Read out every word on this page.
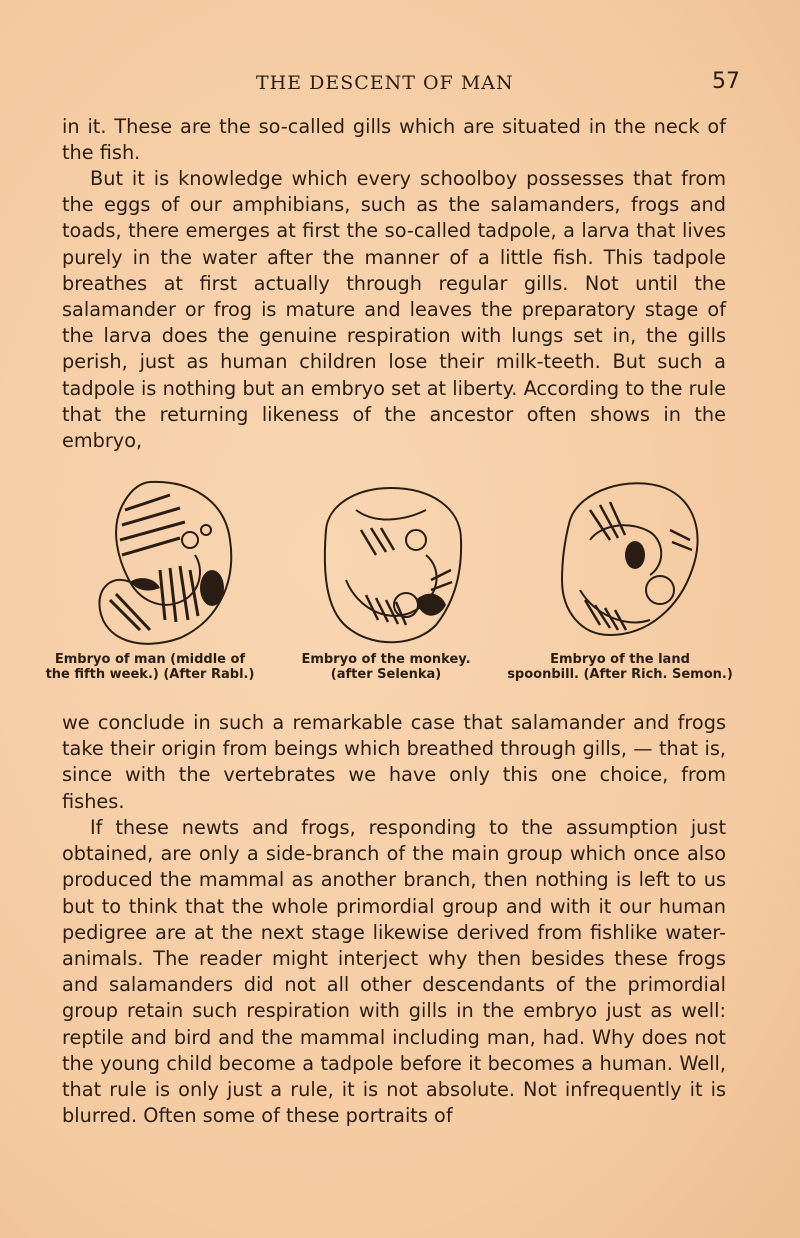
THE DESCENT OF MAN	57

in it. These are the so-called gills which are situated in the neck of the fish.

But it is knowledge which every schoolboy possesses that from the eggs of our amphibians, such as the salamanders, frogs and toads, there emerges at first the so-called tadpole, a larva that lives purely in the water after the manner of a little fish. This tadpole breathes at first actually through regular gills. Not until the salamander or frog is mature and leaves the preparatory stage of the larva does the genuine respiration with lungs set in, the gills perish, just as human children lose their milk-teeth. But such a tadpole is nothing but an embryo set at liberty. According to the rule that the returning likeness of the ancestor often shows in the embryo,

Embryo of man (middle of
the fifth week.) (After Rabl.)
Embryo of the monkey.
(after Selenka)
Embryo of the land
spoonbill. (After Rich. Semon.)

we conclude in such a remarkable case that salamander and frogs take their origin from beings which breathed through gills, — that is, since with the vertebrates we have only this one choice, from fishes.

If these newts and frogs, responding to the assumption just obtained, are only a side-branch of the main group which once also produced the mammal as another branch, then nothing is left to us but to think that the whole primordial group and with it our human pedigree are at the next stage likewise derived from fishlike water-animals. The reader might interject why then besides these frogs and salamanders did not all other descendants of the primordial group retain such respiration with gills in the embryo just as well: reptile and bird and the mammal including man, had. Why does not the young child become a tadpole before it becomes a human. Well, that rule is only just a rule, it is not absolute. Not infrequently it is blurred. Often some of these portraits of
